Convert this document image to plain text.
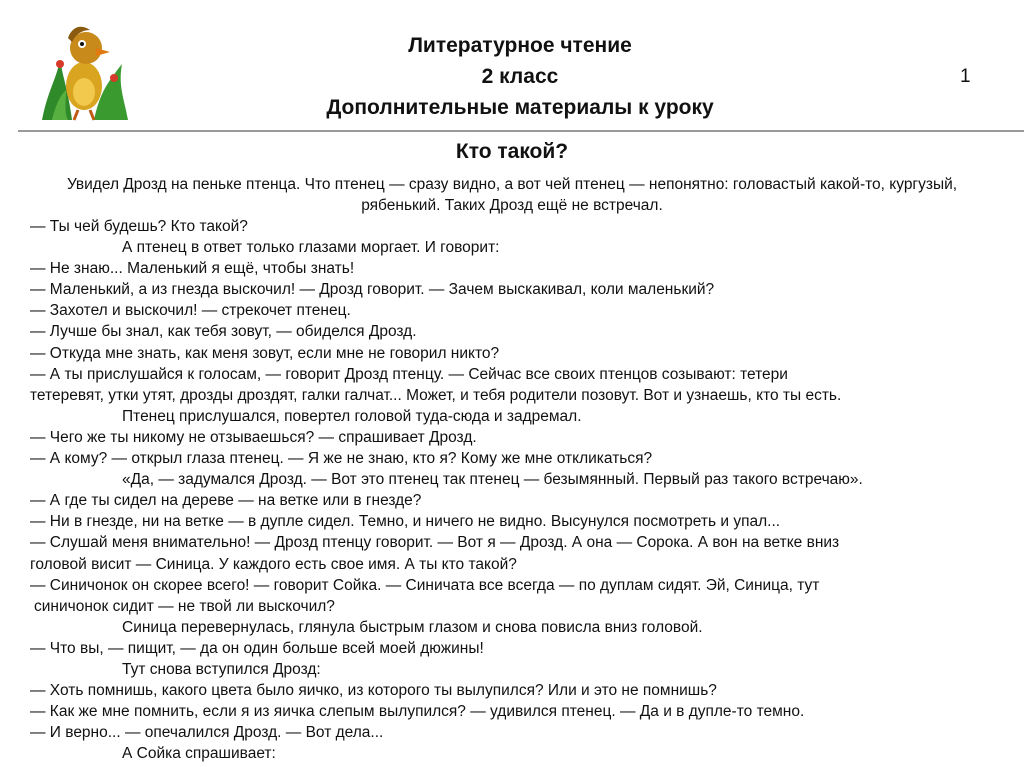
Литературное чтение
2 класс
Дополнительные материалы к уроку
1
Кто такой?
Увидел Дрозд на пеньке птенца. Что птенец — сразу видно, а вот чей птенец — непонятно: головастый какой-то, кургузый, рябенький. Таких Дрозд ещё не встречал.
— Ты чей будешь? Кто такой?
А птенец в ответ только глазами моргает. И говорит:
— Не знаю... Маленький я ещё, чтобы знать!
— Маленький, а из гнезда выскочил! — Дрозд говорит. — Зачем выскакивал, коли маленький?
— Захотел и выскочил! — стрекочет птенец.
— Лучше бы знал, как тебя зовут, — обиделся Дрозд.
— Откуда мне знать, как меня зовут, если мне не говорил никто?
— А ты прислушайся к голосам, — говорит Дрозд птенцу. — Сейчас все своих птенцов созывают: тетери
тетеревят, утки утят, дрозды дроздят, галки галчат... Может, и тебя родители позовут. Вот и узнаешь, кто ты есть.
Птенец прислушался, повертел головой туда-сюда и задремал.
— Чего же ты никому не отзываешься? — спрашивает Дрозд.
— А кому? — открыл глаза птенец. — Я же не знаю, кто я? Кому же мне откликаться?
«Да, — задумался Дрозд. — Вот это птенец так птенец — безымянный. Первый раз такого встречаю».
— А где ты сидел на дереве — на ветке или в гнезде?
— Ни в гнезде, ни на ветке — в дупле сидел. Темно, и ничего не видно. Высунулся посмотреть и упал...
— Слушай меня внимательно! — Дрозд птенцу говорит. — Вот я — Дрозд. А она — Сорока. А вон на ветке вниз
головой висит — Синица. У каждого есть свое имя. А ты кто такой?
— Синичонок он скорее всего! — говорит Сойка. — Синичата все всегда — по дуплам сидят. Эй, Синица, тут
синичонок сидит — не твой ли выскочил?
Синица перевернулась, глянула быстрым глазом и снова повисла вниз головой.
— Что вы, — пищит, — да он один больше всей моей дюжины!
Тут снова вступился Дрозд:
— Хоть помнишь, какого цвета было яичко, из которого ты вылупился? Или и это не помнишь?
— Как же мне помнить, если я из яичка слепым вылупился? — удивился птенец. — Да и в дупле-то темно.
— И верно... — опечалился Дрозд. — Вот дела...
А Сойка спрашивает:
